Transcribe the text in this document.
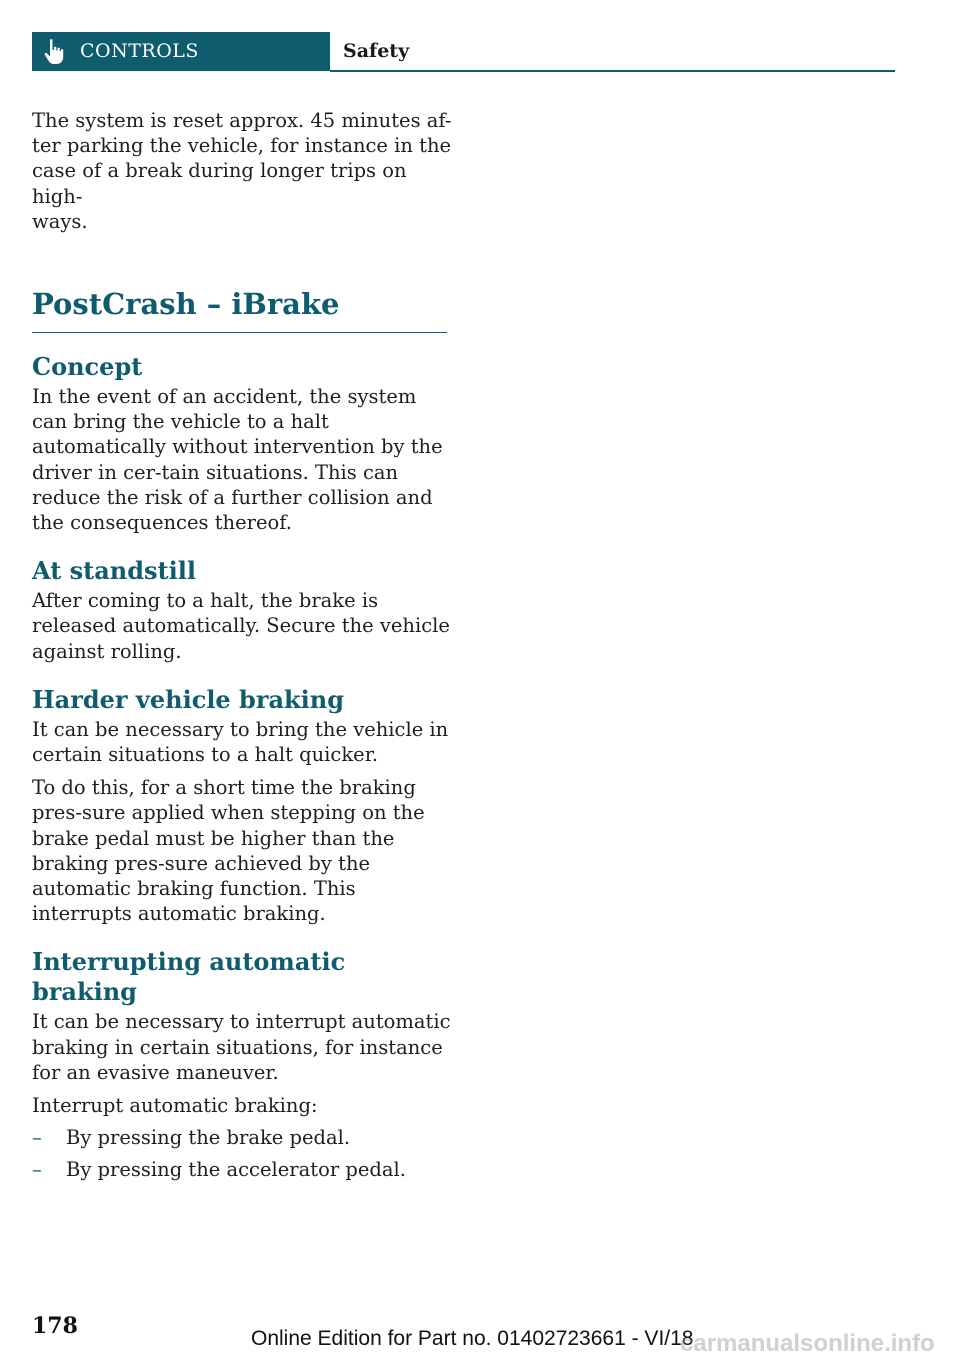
CONTROLS	Safety

The system is reset approx. 45 minutes af-
ter parking the vehicle, for instance in the
case of a break during longer trips on high-
ways.

PostCrash – iBrake
Concept

In the event of an accident, the system can bring the vehicle to a halt automatically without intervention by the driver in cer-tain situations. This can reduce the risk of a further collision and the consequences thereof.

At standstill

After coming to a halt, the brake is released automatically. Secure the vehicle against rolling.

Harder vehicle braking

It can be necessary to bring the vehicle in certain situations to a halt quicker.

To do this, for a short time the braking pres-sure applied when stepping on the brake pedal must be higher than the braking pres-sure achieved by the automatic braking function. This interrupts automatic braking.

Interrupting automatic braking

It can be necessary to interrupt automatic braking in certain situations, for instance for an evasive maneuver.

Interrupt automatic braking:

– By pressing the brake pedal.
– By pressing the accelerator pedal.
178	Online Edition for Part no. 01402723661 - VI/18
carmanualsonline.info
